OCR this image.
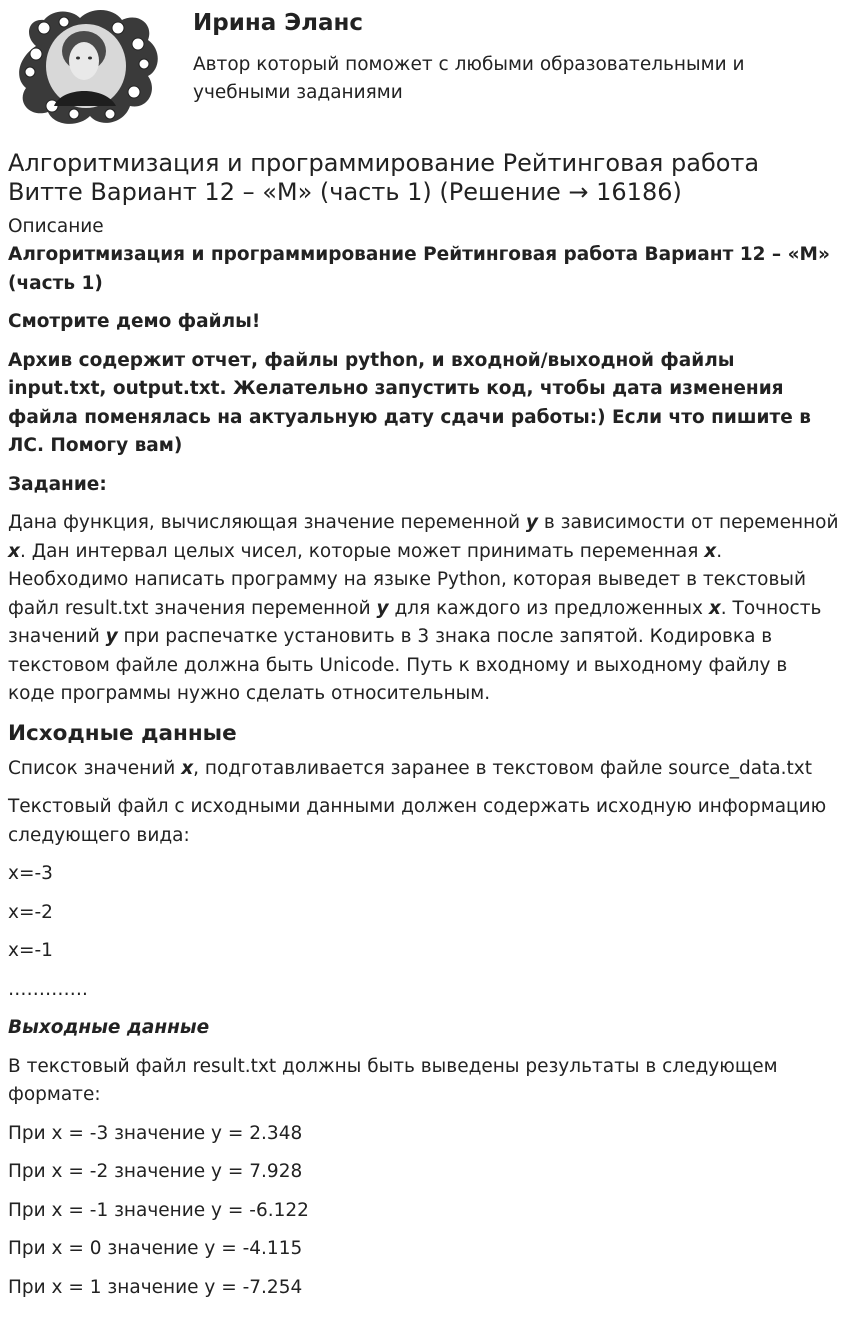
Ирина Эланс
Автор который поможет с любыми образовательными и учебными заданиями
Алгоритмизация и программирование Рейтинговая работа Витте Вариант 12 – «М» (часть 1) (Решение → 16186)
Описание

Алгоритмизация и программирование Рейтинговая работа Вариант 12 – «М» (часть 1)

Смотрите демо файлы!

Архив содержит отчет, файлы python, и входной/выходной файлы input.txt, output.txt. Желательно запустить код, чтобы дата изменения файла поменялась на актуальную дату сдачи работы:) Если что пишите в ЛС. Помогу вам)

Задание:

Дана функция, вычисляющая значение переменной y в зависимости от переменной x. Дан интервал целых чисел, которые может принимать переменная x. Необходимо написать программу на языке Python, которая выведет в текстовый файл result.txt значения переменной y для каждого из предложенных x. Точность значений y при распечатке установить в 3 знака после запятой. Кодировка в текстовом файле должна быть Unicode. Путь к входному и выходному файлу в коде программы нужно сделать относительным.

Исходные данные

Список значений x, подготавливается заранее в текстовом файле source_data.txt

Текстовый файл с исходными данными должен содержать исходную информацию следующего вида:

x=-3

x=-2

x=-1

………….

Выходные данные

В текстовый файл result.txt должны быть выведены результаты в следующем формате:

При x = -3 значение y = 2.348

При x = -2 значение y = 7.928

При x = -1 значение y = -6.122

При x = 0 значение y = -4.115

При x = 1 значение y = -7.254
